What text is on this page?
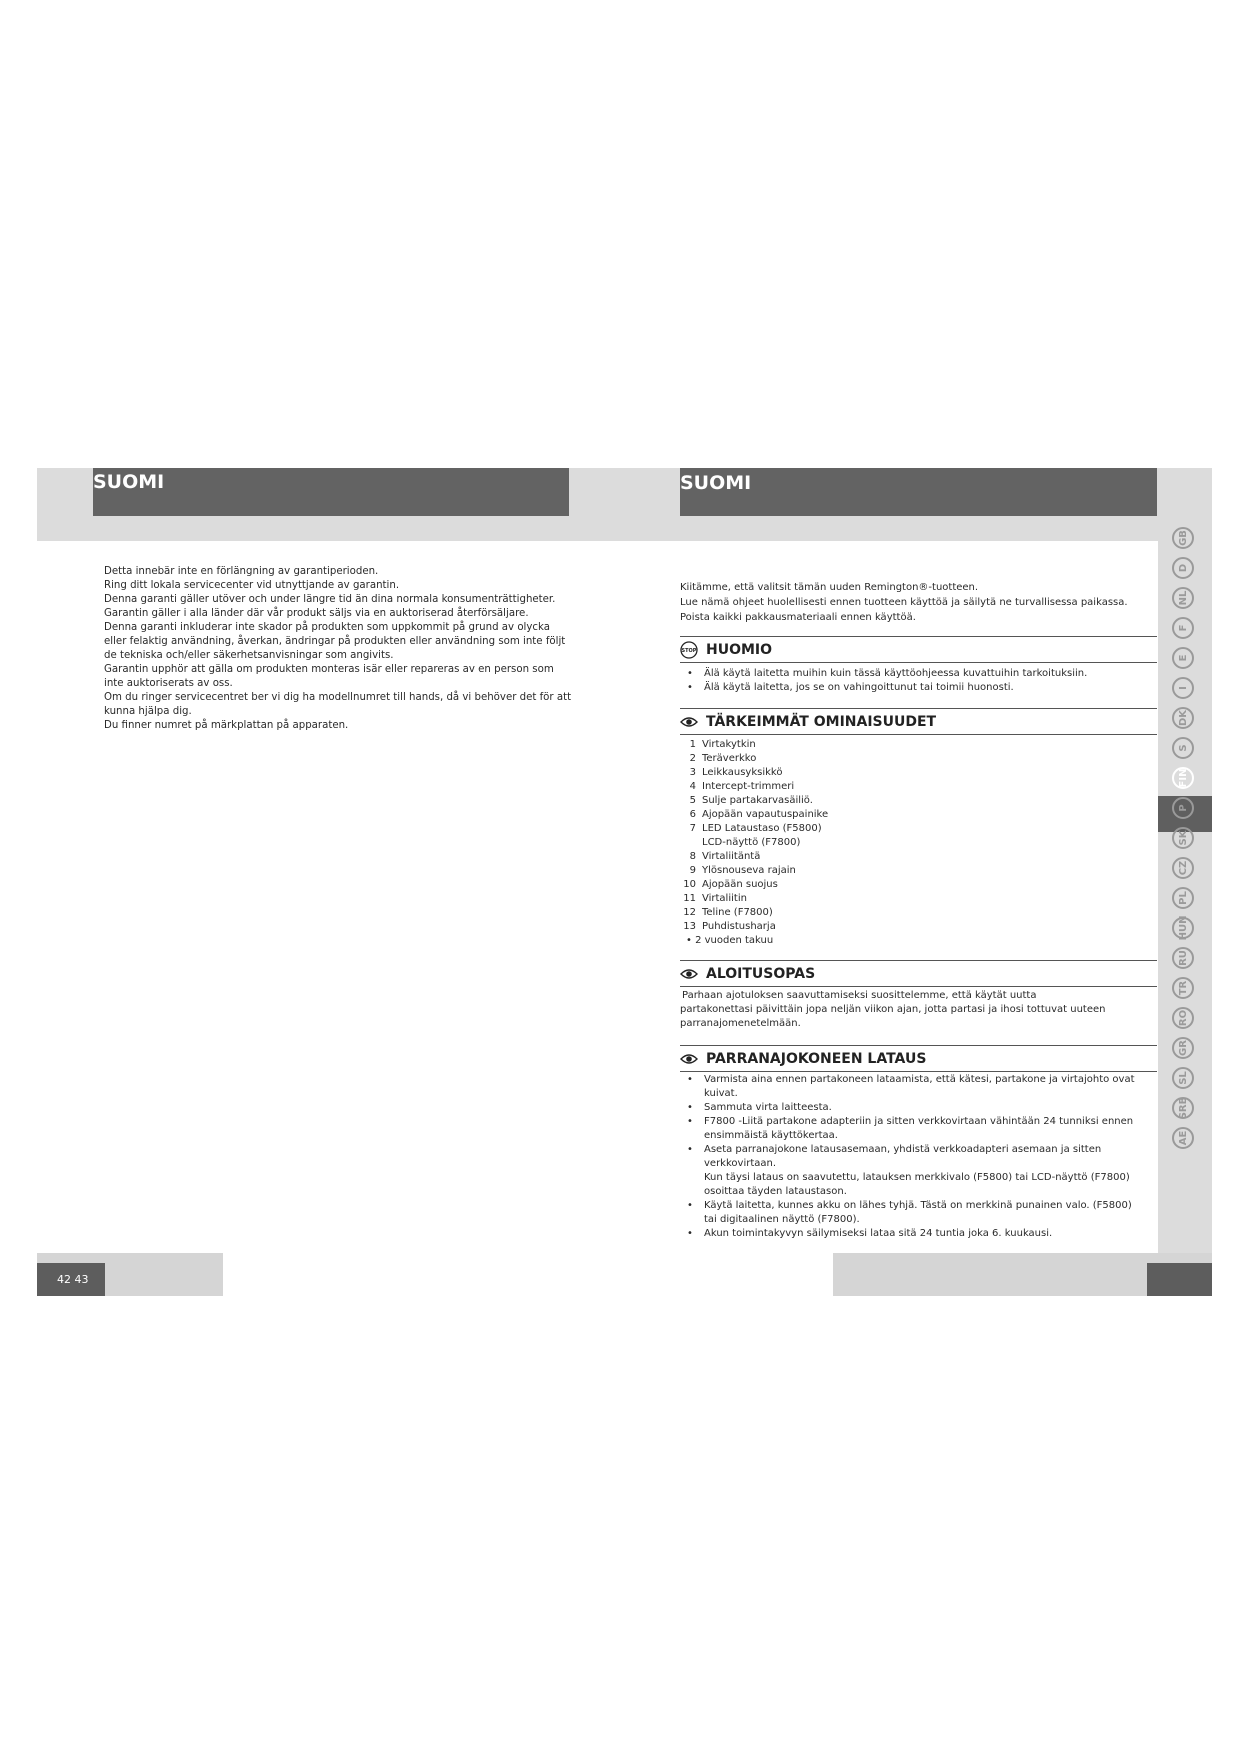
42 43
SUOMI	SUOMI
Detta innebär inte en förlängning av garantiperioden.
Ring ditt lokala servicecenter vid utnyttjande av garantin.
Denna garanti gäller utöver och under längre tid än dina normala konsumenträttigheter.
Garantin gäller i alla länder där vår produkt säljs via en auktoriserad återförsäljare.
Denna garanti inkluderar inte skador på produkten som uppkommit på grund av olycka
eller felaktig användning, åverkan, ändringar på produkten eller användning som inte följt
de tekniska och/eller säkerhetsanvisningar som angivits.
Garantin upphör att gälla om produkten monteras isär eller repareras av en person som
inte auktoriserats av oss.
Om du ringer servicecentret ber vi dig ha modellnumret till hands, då vi behöver det för att
kunna hjälpa dig.
Du finner numret på märkplattan på apparaten.
Kiitämme, että valitsit tämän uuden Remington®-tuotteen.
Lue nämä ohjeet huolellisesti ennen tuotteen käyttöä ja säilytä ne turvallisessa paikassa.
Poista kaikki pakkausmateriaali ennen käyttöä.
STOP HUOMIO
• Älä käytä laitetta muihin kuin tässä käyttöohjeessa kuvattuihin tarkoituksiin.
• Älä käytä laitetta, jos se on vahingoittunut tai toimii huonosti.
TÄRKEIMMÄT OMINAISUUDET
1 Virtakytkin
2 Teräverkko
3 Leikkausyksikkö
4 Intercept-trimmeri
5 Sulje partakarvasäiliö.
6 Ajopään vapautuspainike
7 LED Lataustaso (F5800)
LCD-näyttö (F7800)
8 Virtaliitäntä
9 Ylösnouseva rajain
10 Ajopään suojus
11 Virtaliitin
12 Teline (F7800)
13 Puhdistusharja
• 2 vuoden takuu
ALOITUSOPAS
Parhaan ajotuloksen saavuttamiseksi suosittelemme, että käytät uutta
partakonettasi päivittäin jopa neljän viikon ajan, jotta partasi ja ihosi tottuvat uuteen
parranajomenetelmään.
PARRANAJOKONEEN LATAUS
• Varmista aina ennen partakoneen lataamista, että kätesi, partakone ja virtajohto ovat
kuivat.
• Sammuta virta laitteesta.
• F7800 -Liitä partakone adapteriin ja sitten verkkovirtaan vähintään 24 tunniksi ennen
ensimmäistä käyttökertaa.
• Aseta parranajokone latausasemaan, yhdistä verkkoadapteri asemaan ja sitten
verkkovirtaan.
Kun täysi lataus on saavutettu, latauksen merkkivalo (F5800) tai LCD-näyttö (F7800)
osoittaa täyden lataustason.
• Käytä laitetta, kunnes akku on lähes tyhjä. Tästä on merkkinä punainen valo. (F5800)
tai digitaalinen näyttö (F7800).
• Akun toimintakyvyn säilymiseksi lataa sitä 24 tuntia joka 6. kuukausi.
GB
D
NL
F
E
I
DK
S
FIN
P
SK
CZ
PL
HUN
RU
TR
RO
GR
SL
SRB
AE
